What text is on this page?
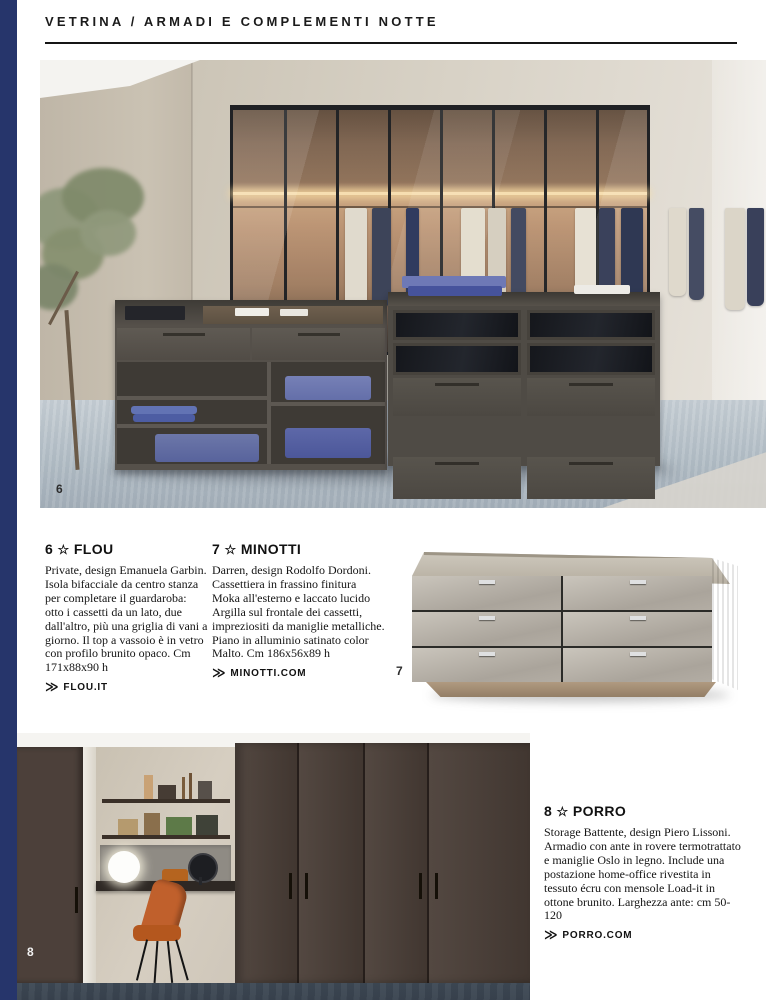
VETRINA / ARMADI E COMPLEMENTI NOTTE
6
6 ☆ FLOU

Private, design Emanuela Garbin. Isola bifacciale da centro stanza per completare il guardaroba: otto i cassetti da un lato, due dall'altro, più una griglia di vani a giorno. Il top a vassoio è in vetro con profilo brunito opaco. Cm 171x88x90 h

≫ FLOU.IT
7 ☆ MINOTTI

Darren, design Rodolfo Dordoni. Cassettiera in frassino finitura Moka all'esterno e laccato lucido Argilla sul frontale dei cassetti, impreziositi da maniglie metalliche. Piano in alluminio satinato color Malto. Cm 186x56x89 h

≫ MINOTTI.COM	7
8
8 ☆ PORRO

Storage Battente, design Piero Lissoni. Armadio con ante in rovere termotrattato e maniglie Oslo in legno. Include una postazione home-office rivestita in tessuto écru con mensole Load-it in ottone brunito. Larghezza ante: cm 50-120

≫ PORRO.COM
